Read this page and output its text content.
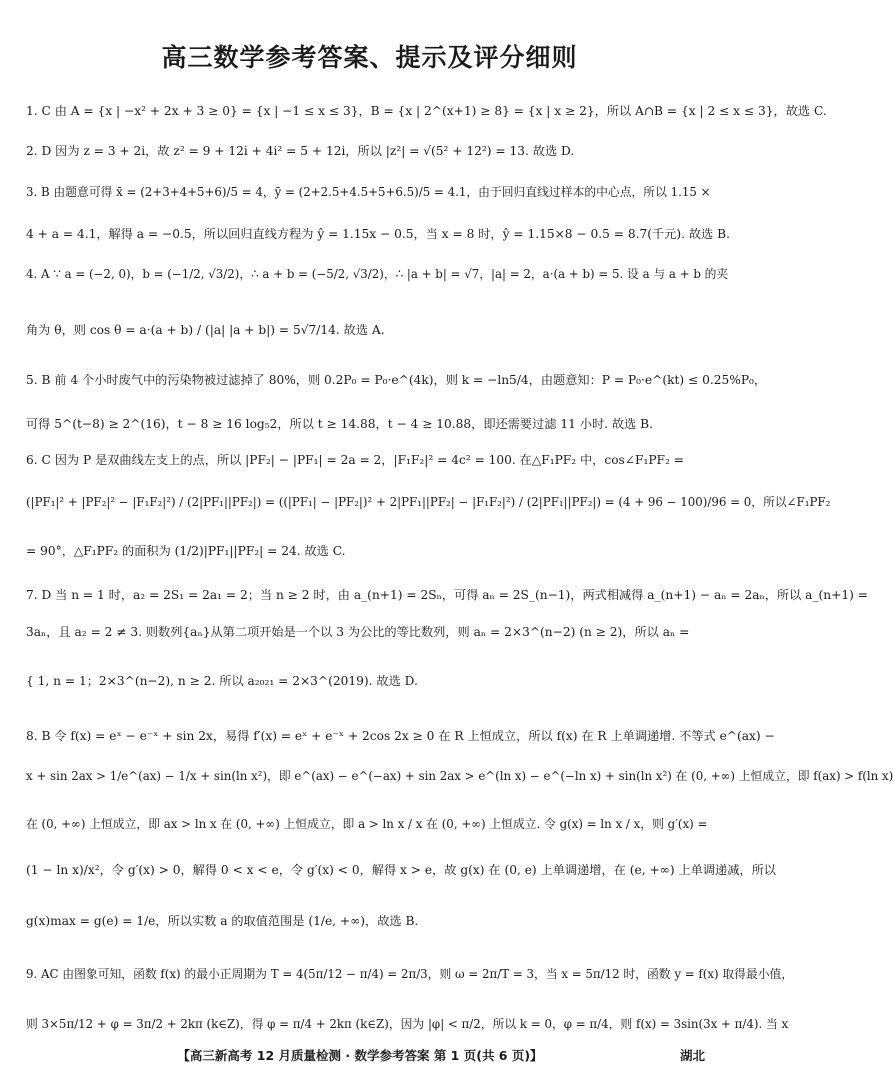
高三数学参考答案、提示及评分细则
1. C 由 A = {x | −x² + 2x + 3 ≥ 0} = {x | −1 ≤ x ≤ 3}，B = {x | 2^(x+1) ≥ 8} = {x | x ≥ 2}，所以 A∩B = {x | 2 ≤ x ≤ 3}，故选 C.
2. D 因为 z = 3 + 2i，故 z² = 9 + 12i + 4i² = 5 + 12i，所以 |z²| = √(5² + 12²) = 13. 故选 D.
3. B 由题意可得 x̄ = (2+3+4+5+6)/5 = 4，ȳ = (2+2.5+4.5+5+6.5)/5 = 4.1，由于回归直线过样本的中心点，所以 1.15 ×
4 + a = 4.1，解得 a = −0.5，所以回归直线方程为 ŷ = 1.15x − 0.5，当 x = 8 时，ŷ = 1.15×8 − 0.5 = 8.7(千元). 故选 B.
4. A ∵ a = (−2, 0)，b = (−1/2, √3/2)，∴ a + b = (−5/2, √3/2)，∴ |a + b| = √7，|a| = 2，a·(a + b) = 5. 设 a 与 a + b 的夹
角为 θ，则 cos θ = a·(a + b) / (|a| |a + b|) = 5√7/14. 故选 A.
5. B 前 4 个小时废气中的污染物被过滤掉了 80%，则 0.2P₀ = P₀·e^(4k)，则 k = −ln5/4，由题意知：P = P₀·e^(kt) ≤ 0.25%P₀，
可得 5^(t−8) ≥ 2^(16)，t − 8 ≥ 16 log₅2，所以 t ≥ 14.88，t − 4 ≥ 10.88，即还需要过滤 11 小时. 故选 B.
6. C 因为 P 是双曲线左支上的点，所以 |PF₂| − |PF₁| = 2a = 2，|F₁F₂|² = 4c² = 100. 在△F₁PF₂ 中，cos∠F₁PF₂ =
(|PF₁|² + |PF₂|² − |F₁F₂|²) / (2|PF₁||PF₂|) = ((|PF₁| − |PF₂|)² + 2|PF₁||PF₂| − |F₁F₂|²) / (2|PF₁||PF₂|) = (4 + 96 − 100)/96 = 0，所以∠F₁PF₂
= 90°，△F₁PF₂ 的面积为 (1/2)|PF₁||PF₂| = 24. 故选 C.
7. D 当 n = 1 时，a₂ = 2S₁ = 2a₁ = 2；当 n ≥ 2 时，由 a_(n+1) = 2Sₙ，可得 aₙ = 2S_(n−1)，两式相减得 a_(n+1) − aₙ = 2aₙ，所以 a_(n+1) =
3aₙ，且 a₂ = 2 ≠ 3. 则数列{aₙ}从第二项开始是一个以 3 为公比的等比数列，则 aₙ = 2×3^(n−2) (n ≥ 2)，所以 aₙ =
{ 1, n = 1；2×3^(n−2), n ≥ 2. 所以 a₂₀₂₁ = 2×3^(2019). 故选 D.
8. B 令 f(x) = eˣ − e⁻ˣ + sin 2x，易得 f′(x) = eˣ + e⁻ˣ + 2cos 2x ≥ 0 在 R 上恒成立，所以 f(x) 在 R 上单调递增. 不等式 e^(ax) −
x + sin 2ax > 1/e^(ax) − 1/x + sin(ln x²)，即 e^(ax) − e^(−ax) + sin 2ax > e^(ln x) − e^(−ln x) + sin(ln x²) 在 (0, +∞) 上恒成立，即 f(ax) > f(ln x)
在 (0, +∞) 上恒成立，即 ax > ln x 在 (0, +∞) 上恒成立，即 a > ln x / x 在 (0, +∞) 上恒成立. 令 g(x) = ln x / x，则 g′(x) =
(1 − ln x)/x²，令 g′(x) > 0，解得 0 < x < e，令 g′(x) < 0，解得 x > e，故 g(x) 在 (0, e) 上单调递增，在 (e, +∞) 上单调递减，所以
g(x)max = g(e) = 1/e，所以实数 a 的取值范围是 (1/e, +∞)，故选 B.
9. AC 由图象可知，函数 f(x) 的最小正周期为 T = 4(5π/12 − π/4) = 2π/3，则 ω = 2π/T = 3，当 x = 5π/12 时，函数 y = f(x) 取得最小值，
则 3×5π/12 + φ = 3π/2 + 2kπ (k∈Z)，得 φ = π/4 + 2kπ (k∈Z)，因为 |φ| < π/2，所以 k = 0，φ = π/4，则 f(x) = 3sin(3x + π/4). 当 x
【高三新高考 12 月质量检测 · 数学参考答案 第 1 页(共 6 页)】	湖北
